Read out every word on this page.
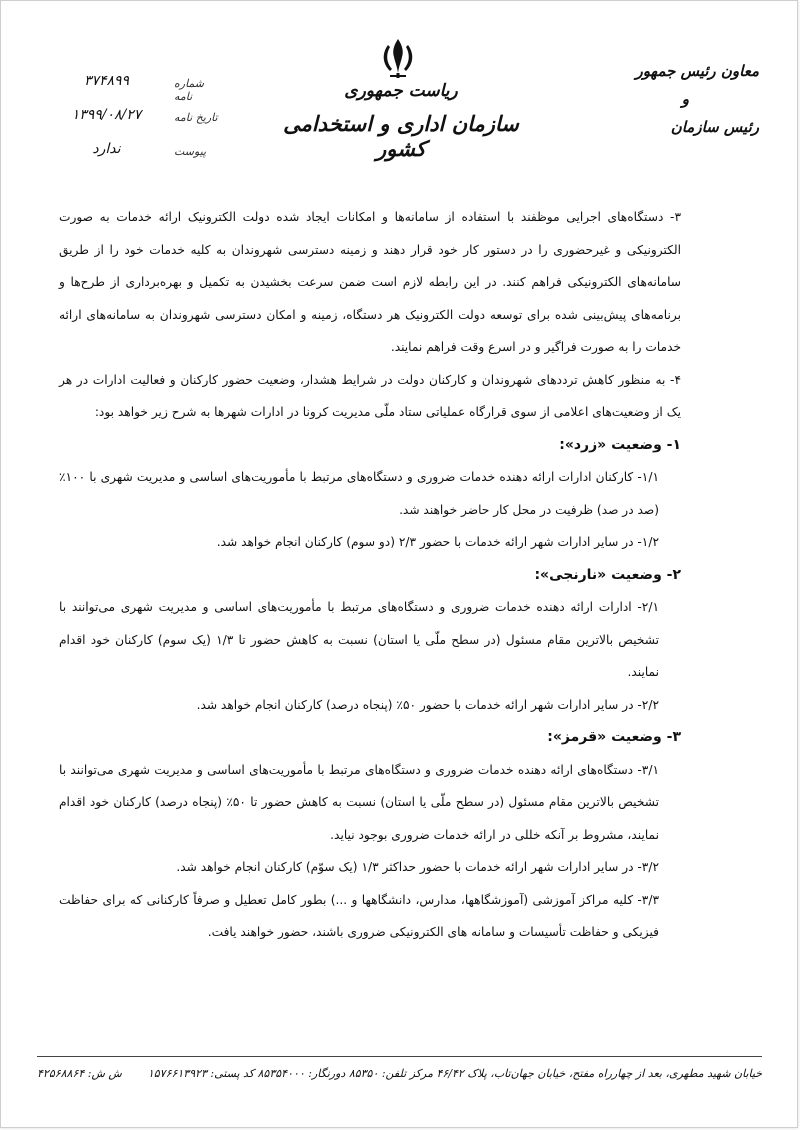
ریاست جمهوری
سازمان اداری و استخدامی کشور
معاون رئیس جمهور
و
رئیس سازمان
۳۷۴۸۹۹	شماره نامه
۱۳۹۹/۰۸/۲۷	تاریخ نامه
ندارد	پیوست

۳- دستگاه‌های اجرایی موظفند با استفاده از سامانه‌ها و امکانات ایجاد شده دولت الکترونیک ارائه خدمات به صورت الکترونیکی و غیرحضوری را در دستور کار خود قرار دهند و زمینه دسترسی شهروندان به کلیه خدمات خود را از طریق سامانه‌های الکترونیکی فراهم کنند. در این رابطه لازم است ضمن سرعت بخشیدن به تکمیل و بهره‌برداری از طرح‌ها و برنامه‌های پیش‌بینی شده برای توسعه دولت الکترونیک هر دستگاه، زمینه و امکان دسترسی شهروندان به سامانه‌های ارائه خدمات را به صورت فراگیر و در اسرع وقت فراهم نمایند.

۴- به منظور کاهش ترددهای شهروندان و کارکنان دولت در شرایط هشدار، وضعیت حضور کارکنان و فعالیت ادارات در هر یک از وضعیت‌های اعلامی از سوی قرارگاه عملیاتی ستاد ملّی مدیریت کرونا در ادارات شهرها به شرح زیر خواهد بود:

۱- وضعیت «زرد»:

۱/۱- کارکنان ادارات ارائه دهنده خدمات ضروری و دستگاه‌های مرتبط با مأموریت‌های اساسی و مدیریت شهری با ۱۰۰٪ (صد در صد) ظرفیت در محل کار حاضر خواهند شد.

۱/۲- در سایر ادارات شهر ارائه خدمات با حضور ۲/۳ (دو سوم) کارکنان انجام خواهد شد.

۲- وضعیت «نارنجی»:

۲/۱- ادارات ارائه دهنده خدمات ضروری و دستگاه‌های مرتبط با مأموریت‌های اساسی و مدیریت شهری می‌توانند با تشخیص بالاترین مقام مسئول (در سطح ملّی یا استان) نسبت به کاهش حضور تا ۱/۳ (یک سوم) کارکنان خود اقدام نمایند.

۲/۲- در سایر ادارات شهر ارائه خدمات با حضور ۵۰٪ (پنجاه درصد) کارکنان انجام خواهد شد.

۳- وضعیت «قرمز»:

۳/۱- دستگاه‌های ارائه دهنده خدمات ضروری و دستگاه‌های مرتبط با مأموریت‌های اساسی و مدیریت شهری می‌توانند با تشخیص بالاترین مقام مسئول (در سطح ملّی یا استان) نسبت به کاهش حضور تا ۵۰٪ (پنجاه درصد) کارکنان خود اقدام نمایند، مشروط بر آنکه خللی در ارائه خدمات ضروری بوجود نیاید.

۳/۲- در سایر ادارات شهر ارائه خدمات با حضور حداکثر ۱/۳ (یک سوّم) کارکنان انجام خواهد شد.

۳/۳- کلیه مراکز آموزشی (آموزشگاهها، مدارس، دانشگاهها و ...) بطور کامل تعطیل و صرفاً کارکنانی که برای حفاظت فیزیکی و حفاظت تأسیسات و سامانه های الکترونیکی ضروری باشند، حضور خواهند یافت.

خیابان شهید مطهری، بعد از چهارراه مفتح، خیابان جهان‌تاب، پلاک ۴۶/۴۲ مرکز تلفن: ۸۵۳۵۰ دورنگار: ۸۵۳۵۴۰۰۰ کد پستی: ۱۵۷۶۶۱۳۹۲۳
ش ش: ۴۲۵۶۸۸۶۴
